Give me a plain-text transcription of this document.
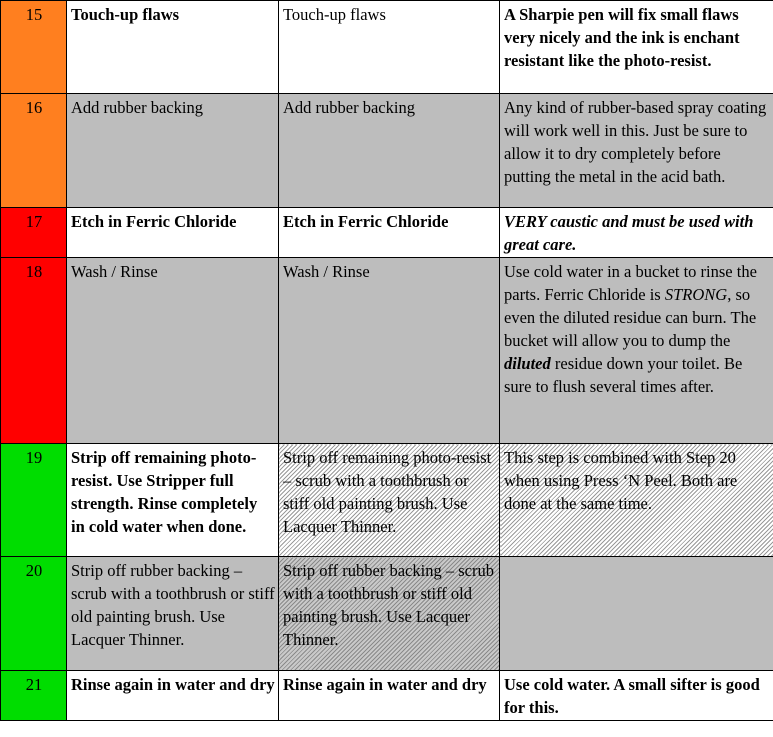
15	Touch-up flaws	Touch-up flaws	A Sharpie pen will fix small flaws very nicely and the ink is enchant resistant like the photo-resist.
16	Add rubber backing	Add rubber backing	Any kind of rubber-based spray coating will work well in this. Just be sure to allow it to dry completely before putting the metal in the acid bath.
17	Etch in Ferric Chloride	Etch in Ferric Chloride	VERY caustic and must be used with great care.
18	Wash / Rinse	Wash / Rinse	Use cold water in a bucket to rinse the parts. Ferric Chloride is STRONG, so even the diluted residue can burn. The bucket will allow you to dump the diluted residue down your toilet. Be sure to flush several times after.
19	Strip off remaining photo-resist. Use Stripper full strength. Rinse completely in cold water when done.	Strip off remaining photo-resist – scrub with a toothbrush or stiff old painting brush. Use Lacquer Thinner.	This step is combined with Step 20 when using Press ‘N Peel. Both are done at the same time.
20	Strip off rubber backing – scrub with a toothbrush or stiff old painting brush. Use Lacquer Thinner.	Strip off rubber backing – scrub with a toothbrush or stiff old painting brush. Use Lacquer Thinner.	
21	Rinse again in water and dry	Rinse again in water and dry	Use cold water. A small sifter is good for this.
